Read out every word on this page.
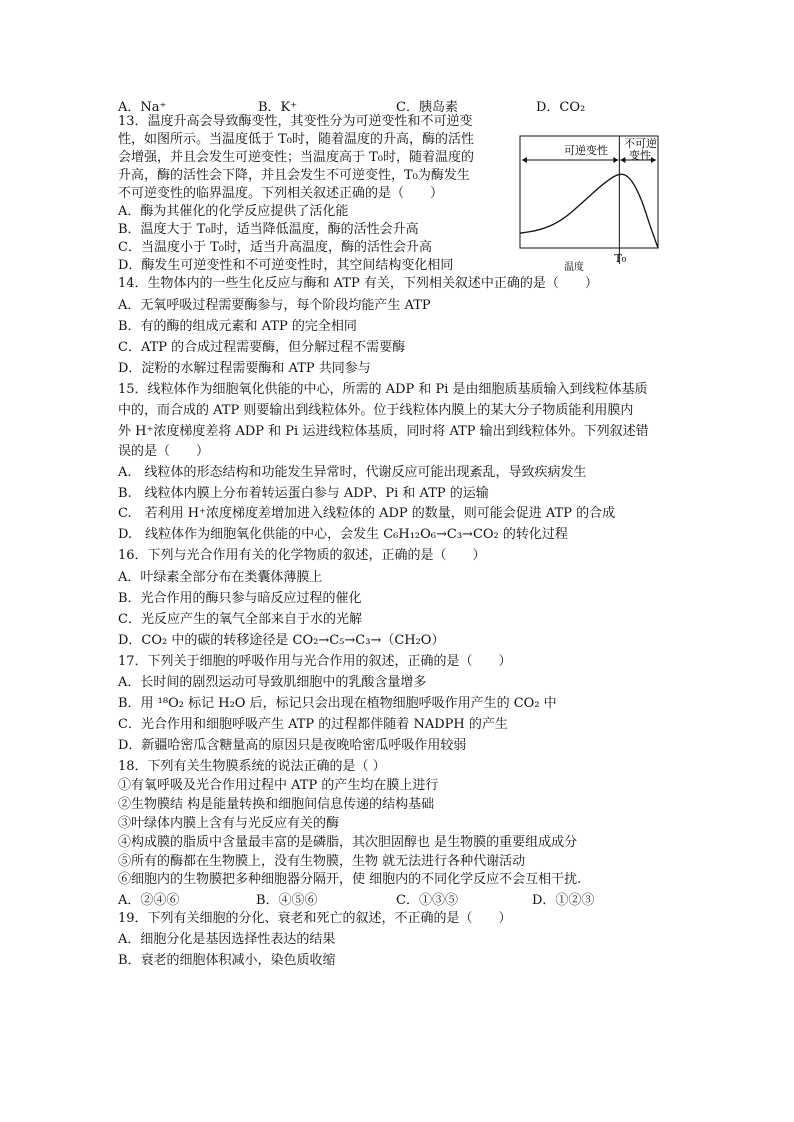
A．Na⁺	B．K⁺	C．胰岛素	D．CO₂
13．温度升高会导致酶变性，其变性分为可逆变性和不可逆变
性，如图所示。当温度低于 T₀时，随着温度的升高，酶的活性
会增强，并且会发生可逆变性；当温度高于 T₀时，随着温度的
升高，酶的活性会下降，并且会发生不可逆变性，T₀为酶发生
不可逆变性的临界温度。下列相关叙述正确的是（　　）
A．酶为其催化的化学反应提供了活化能
B．温度大于 T₀时，适当降低温度，酶的活性会升高
C．当温度小于 T₀时，适当升高温度，酶的活性会升高
D．酶发生可逆变性和不可逆变性时，其空间结构变化相同
可逆变性
不可逆
变性
T₀
温度
14．生物体内的一些生化反应与酶和 ATP 有关，下列相关叙述中正确的是（　　）
A．无氧呼吸过程需要酶参与，每个阶段均能产生 ATP
B．有的酶的组成元素和 ATP 的完全相同
C．ATP 的合成过程需要酶，但分解过程不需要酶
D．淀粉的水解过程需要酶和 ATP 共同参与
15．线粒体作为细胞氧化供能的中心，所需的 ADP 和 Pi 是由细胞质基质输入到线粒体基质
中的，而合成的 ATP 则要输出到线粒体外。位于线粒体内膜上的某大分子物质能利用膜内
外 H⁺浓度梯度差将 ADP 和 Pi 运进线粒体基质，同时将 ATP 输出到线粒体外。下列叙述错
误的是（　　）
A.　线粒体的形态结构和功能发生异常时，代谢反应可能出现紊乱，导致疾病发生
B.　线粒体内膜上分布着转运蛋白参与 ADP、Pi 和 ATP 的运输
C.　若利用 H⁺浓度梯度差增加进入线粒体的 ADP 的数量，则可能会促进 ATP 的合成
D.　线粒体作为细胞氧化供能的中心，会发生 C₆H₁₂O₆→C₃→CO₂ 的转化过程
16．下列与光合作用有关的化学物质的叙述，正确的是（　　）
A．叶绿素全部分布在类囊体薄膜上
B．光合作用的酶只参与暗反应过程的催化
C．光反应产生的氧气全部来自于水的光解
D．CO₂ 中的碳的转移途径是 CO₂→C₅→C₃→（CH₂O）
17．下列关于细胞的呼吸作用与光合作用的叙述，正确的是（　　）
A．长时间的剧烈运动可导致肌细胞中的乳酸含量增多
B．用 ¹⁸O₂ 标记 H₂O 后，标记只会出现在植物细胞呼吸作用产生的 CO₂ 中
C．光合作用和细胞呼吸产生 ATP 的过程都伴随着 NADPH 的产生
D．新疆哈密瓜含糖量高的原因只是夜晚哈密瓜呼吸作用较弱
18．下列有关生物膜系统的说法正确的是（ ）
①有氧呼吸及光合作用过程中 ATP 的产生均在膜上进行
②生物膜结 构是能量转换和细胞间信息传递的结构基础
③叶绿体内膜上含有与光反应有关的酶
④构成膜的脂质中含量最丰富的是磷脂，其次胆固醇也 是生物膜的重要组成成分
⑤所有的酶都在生物膜上，没有生物膜，生物 就无法进行各种代谢活动
⑥细胞内的生物膜把多种细胞器分隔开，使 细胞内的不同化学反应不会互相干扰.
A．②④⑥	B．④⑤⑥	C．①③⑤	D．①②③
19．下列有关细胞的分化、衰老和死亡的叙述，不正确的是（　　）
A．细胞分化是基因选择性表达的结果
B．衰老的细胞体积减小，染色质收缩
